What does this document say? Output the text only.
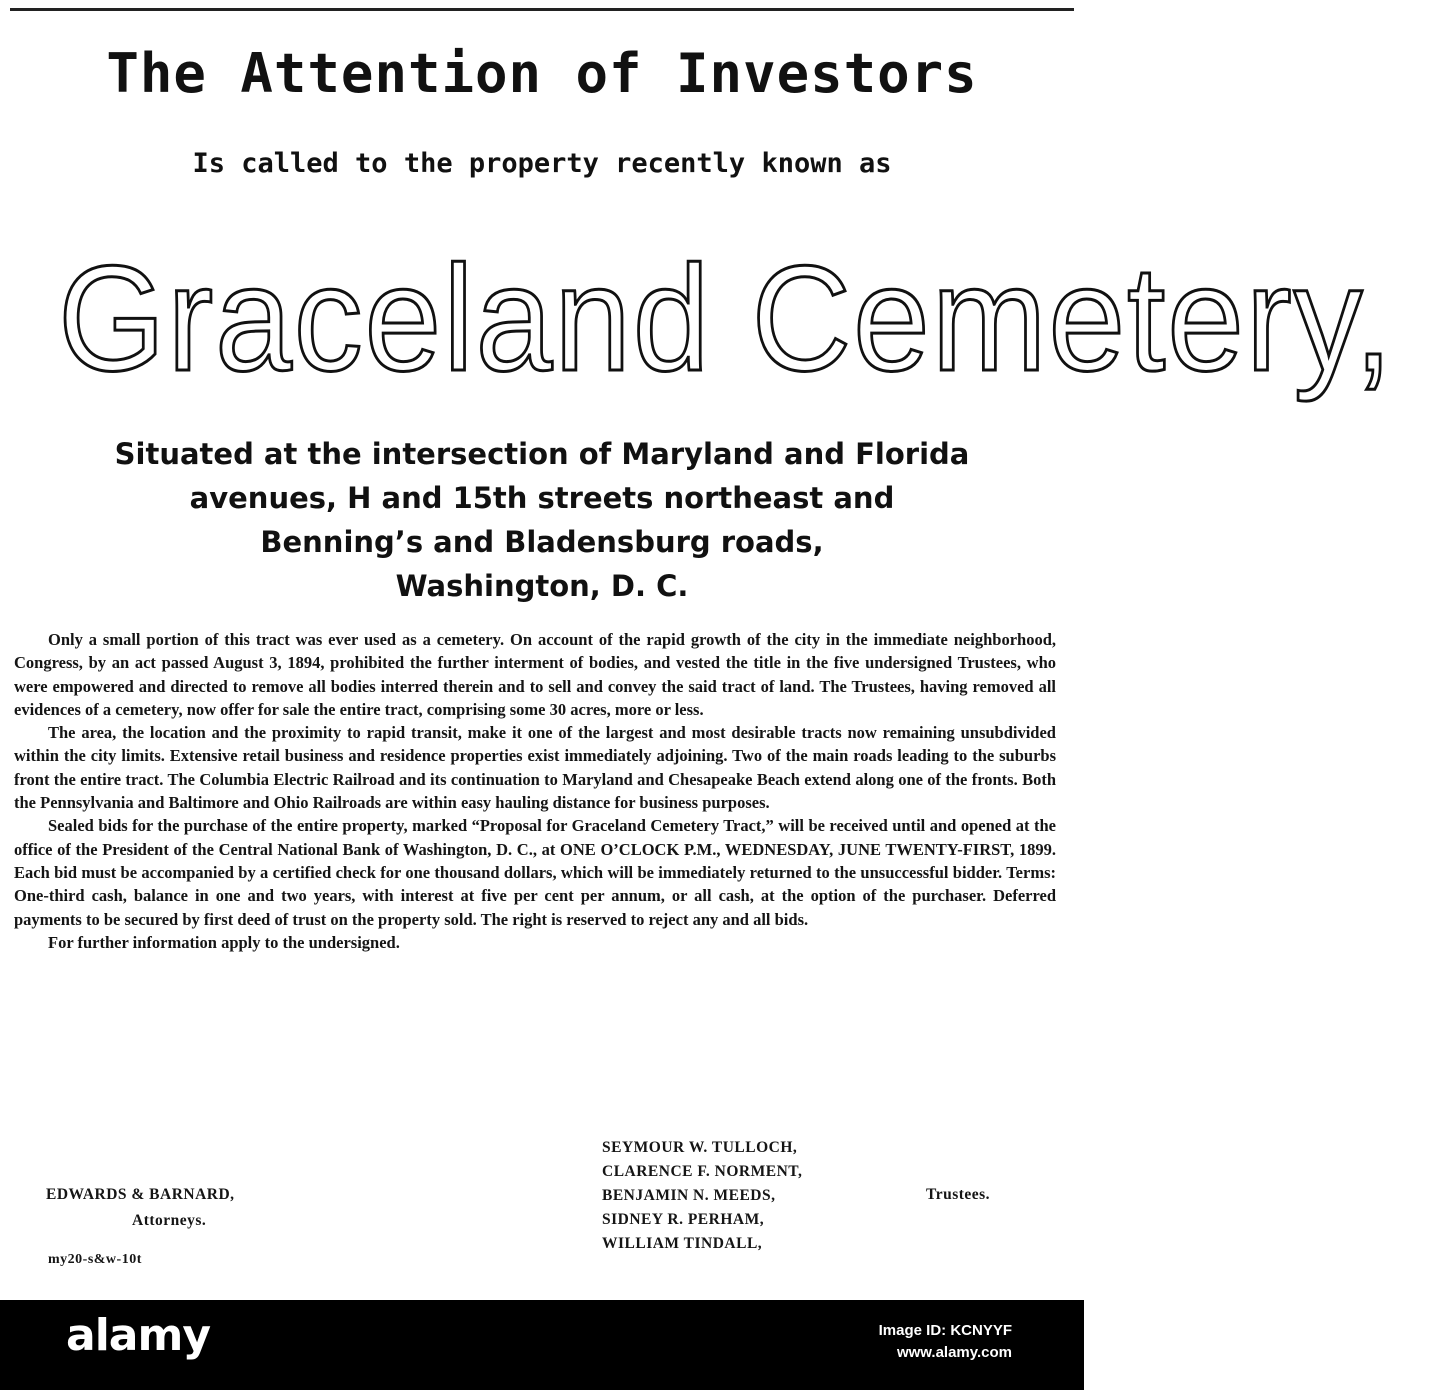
The Attention of Investors
Is called to the property recently known as
Graceland Cemetery,
Situated at the intersection of Maryland and Florida
avenues, H and 15th streets northeast and
Benning’s and Bladensburg roads,
Washington, D. C.

Only a small portion of this tract was ever used as a cemetery. On account of the rapid growth of the city in the immediate neighborhood, Congress, by an act passed August 3, 1894, prohibited the further interment of bodies, and vested the title in the five undersigned Trustees, who were empowered and directed to remove all bodies interred therein and to sell and convey the said tract of land. The Trustees, having removed all evidences of a cemetery, now offer for sale the entire tract, comprising some 30 acres, more or less.

The area, the location and the proximity to rapid transit, make it one of the largest and most desirable tracts now remaining unsubdivided within the city limits. Extensive retail business and residence properties exist immediately adjoining. Two of the main roads leading to the suburbs front the entire tract. The Columbia Electric Railroad and its continuation to Maryland and Chesapeake Beach extend along one of the fronts. Both the Pennsylvania and Baltimore and Ohio Railroads are within easy hauling distance for business purposes.

Sealed bids for the purchase of the entire property, marked “Proposal for Graceland Cemetery Tract,” will be received until and opened at the office of the President of the Central National Bank of Washington, D. C., at ONE O’CLOCK P.M., WEDNESDAY, JUNE TWENTY-FIRST, 1899. Each bid must be accompanied by a certified check for one thousand dollars, which will be immediately returned to the unsuccessful bidder. Terms: One-third cash, balance in one and two years, with interest at five per cent per annum, or all cash, at the option of the purchaser. Deferred payments to be secured by first deed of trust on the property sold. The right is reserved to reject any and all bids.

For further information apply to the undersigned.

SEYMOUR W. TULLOCH,
CLARENCE F. NORMENT,
BENJAMIN N. MEEDS,
SIDNEY R. PERHAM,
WILLIAM TINDALL,
Trustees.
EDWARDS & BARNARD,
Attorneys.
my20-s&w-10t
alamy	Image ID: KCNYYF
www.alamy.com
